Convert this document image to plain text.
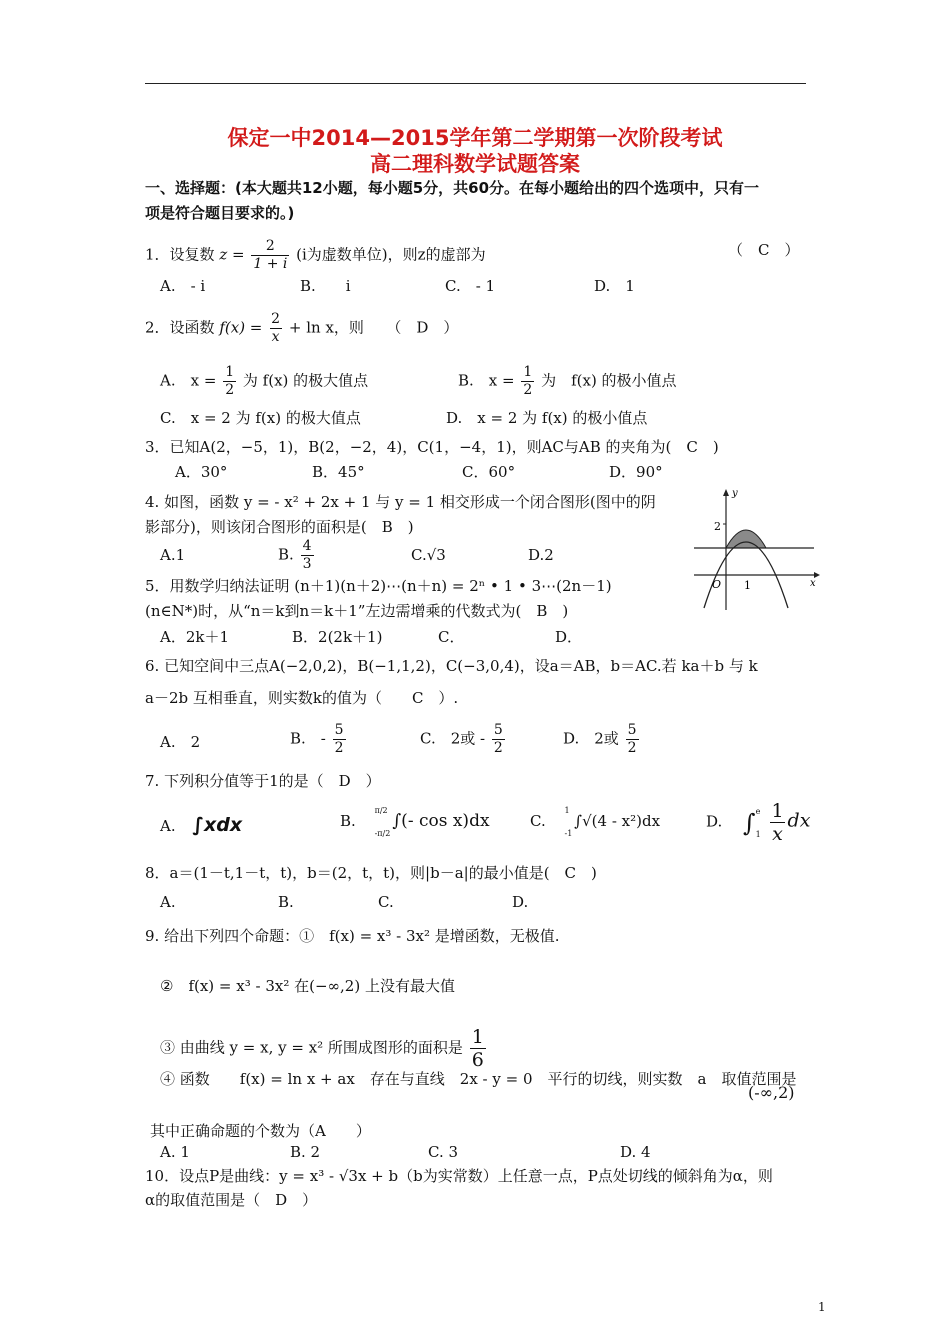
保定一中2014—2015学年第二学期第一次阶段考试
高二理科数学试题答案
一、选择题：(本大题共12小题，每小题5分，共60分。在每小题给出的四个选项中，只有一
项是符合题目要求的。)
1．设复数 $z = \frac{2}{1 + i} (i$为虚数单位)，则z的虚部为	（　C　）
A.　- i	B.　　i	C.　- 1	D.　1
2．设函数 $f(x) = \frac{2}{x} + \ln x$，则　　（　D　）
A.　$x = \frac{1}{2}$ 为 f(x) 的极大值点	B.　$x = \frac{1}{2}$ 为　f(x) 的极小值点
C.　x = 2 为 f(x) 的极大值点	D.　x = 2 为 f(x) 的极小值点
3．已知A(2，−5，1)，B(2，−2，4)，C(1，−4，1)，则AC与AB 的夹角为(　C　)
A．30°	B．45°	C．60°	D．90°
4. 如图，函数 y = - x² + 2x + 1 与 y = 1 相交形成一个闭合图形(图中的阴
影部分)，则该闭合图形的面积是(　B　)
A.1	B. $\frac{4}{3}$	C.√3	D.2
y
x
O 1
2
5．用数学归纳法证明 (n＋1)(n＋2)⋯(n＋n) = 2ⁿ • 1 • 3⋯(2n－1)
(n∈N*)时，从“n＝k到n＝k＋1”左边需增乘的代数式为(　B　)
A．2k＋1	B．2(2k＋1)	C．	D．
6. 已知空间中三点A(−2,0,2)，B(−1,1,2)，C(−3,0,4)，设a＝AB，b＝AC.若 ka＋b 与 k
a－2b 互相垂直，则实数k的值为（　　C　）.
A.　2	B.　- $\frac{5}{2}$	C.　2或 - $\frac{5}{2}$	D.　2或 $\frac{5}{2}$
7. 下列积分值等于1的是（　D　）
A. ∫xdx	B.
π/2
-π/2
∫(- cos x)dx	C.
1
-1
∫√(4 - x²)dx	D. ∫ e
1
$\frac{1}{x}$ dx
8．a＝(1－t,1－t，t)，b＝(2，t，t)，则|b－a|的最小值是(　C　)
A.	B.	C.	D.
9. 给出下列四个命题：①　f(x) = x³ - 3x² 是增函数，无极值.
②　f(x) = x³ - 3x² 在(−∞,2) 上没有最大值
③ 由曲线 y = x, y = x² 所围成图形的面积是 $\frac{1}{6}$
④ 函数　　f(x) = ln x + ax　存在与直线　2x - y = 0　平行的切线，则实数　a　取值范围是
(-∞,2)
其中正确命题的个数为（A　　）
A. 1	B. 2	C. 3	D. 4
10．设点P是曲线：y = x³ - √3x + b（b为实常数）上任意一点，P点处切线的倾斜角为α，则
α的取值范围是（　D　）
1
